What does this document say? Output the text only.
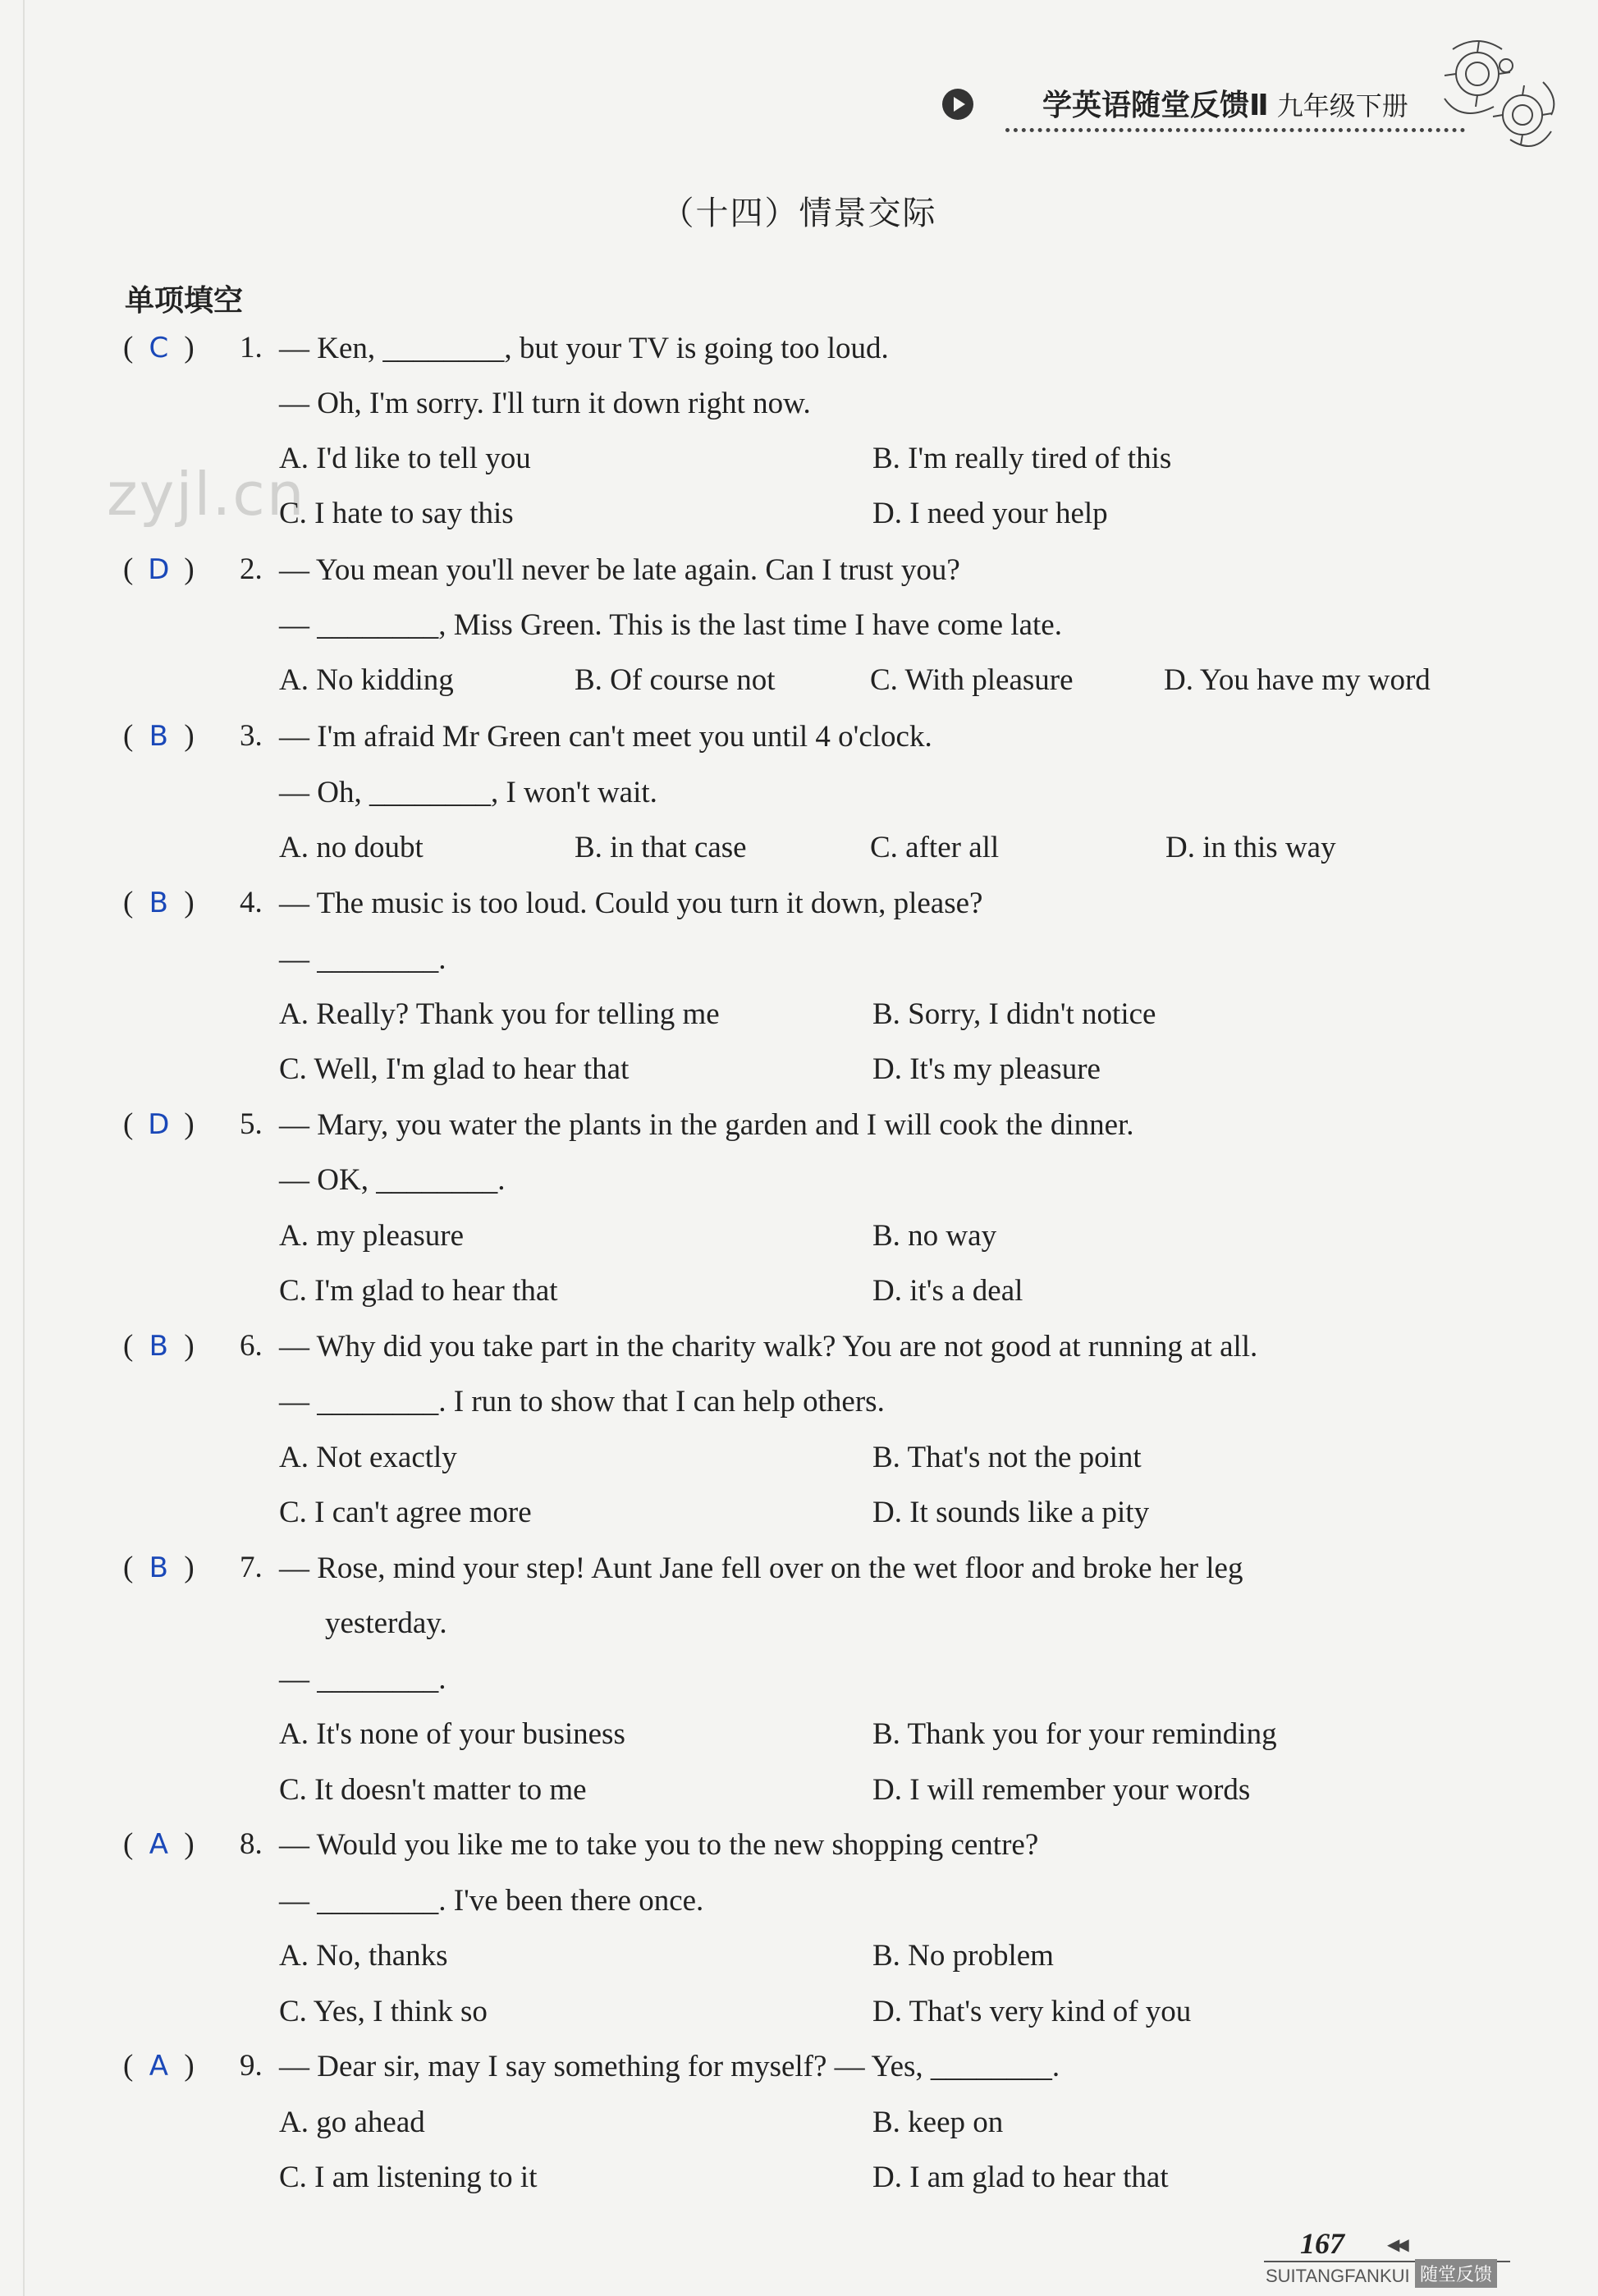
学英语随堂反馈Ⅱ 九年级下册
zyjl.cn
（十四）情景交际
单项填空
( C ) 1. — Ken, ________, but your TV is going too loud.
— Oh, I'm sorry. I'll turn it down right now.
A. I'd like to tell you	B. I'm really tired of this
C. I hate to say this	D. I need your help
( D ) 2. — You mean you'll never be late again. Can I trust you?
— ________, Miss Green. This is the last time I have come late.
A. No kidding	B. Of course not	C. With pleasure	D. You have my word
( B ) 3. — I'm afraid Mr Green can't meet you until 4 o'clock.
— Oh, ________, I won't wait.
A. no doubt	B. in that case	C. after all	D. in this way
( B ) 4. — The music is too loud. Could you turn it down, please?
— ________.
A. Really? Thank you for telling me	B. Sorry, I didn't notice
C. Well, I'm glad to hear that	D. It's my pleasure
( D ) 5. — Mary, you water the plants in the garden and I will cook the dinner.
— OK, ________.
A. my pleasure	B. no way
C. I'm glad to hear that	D. it's a deal
( B ) 6. — Why did you take part in the charity walk? You are not good at running at all.
— ________. I run to show that I can help others.
A. Not exactly	B. That's not the point
C. I can't agree more	D. It sounds like a pity
( B ) 7. — Rose, mind your step! Aunt Jane fell over on the wet floor and broke her leg
yesterday.
— ________.
A. It's none of your business	B. Thank you for your reminding
C. It doesn't matter to me	D. I will remember your words
( A ) 8. — Would you like me to take you to the new shopping centre?
— ________. I've been there once.
A. No, thanks	B. No problem
C. Yes, I think so	D. That's very kind of you
( A ) 9. — Dear sir, may I say something for myself? — Yes, ________.
A. go ahead	B. keep on
C. I am listening to it	D. I am glad to hear that
167	◀◀
SUITANGFANKUI 随堂反馈
